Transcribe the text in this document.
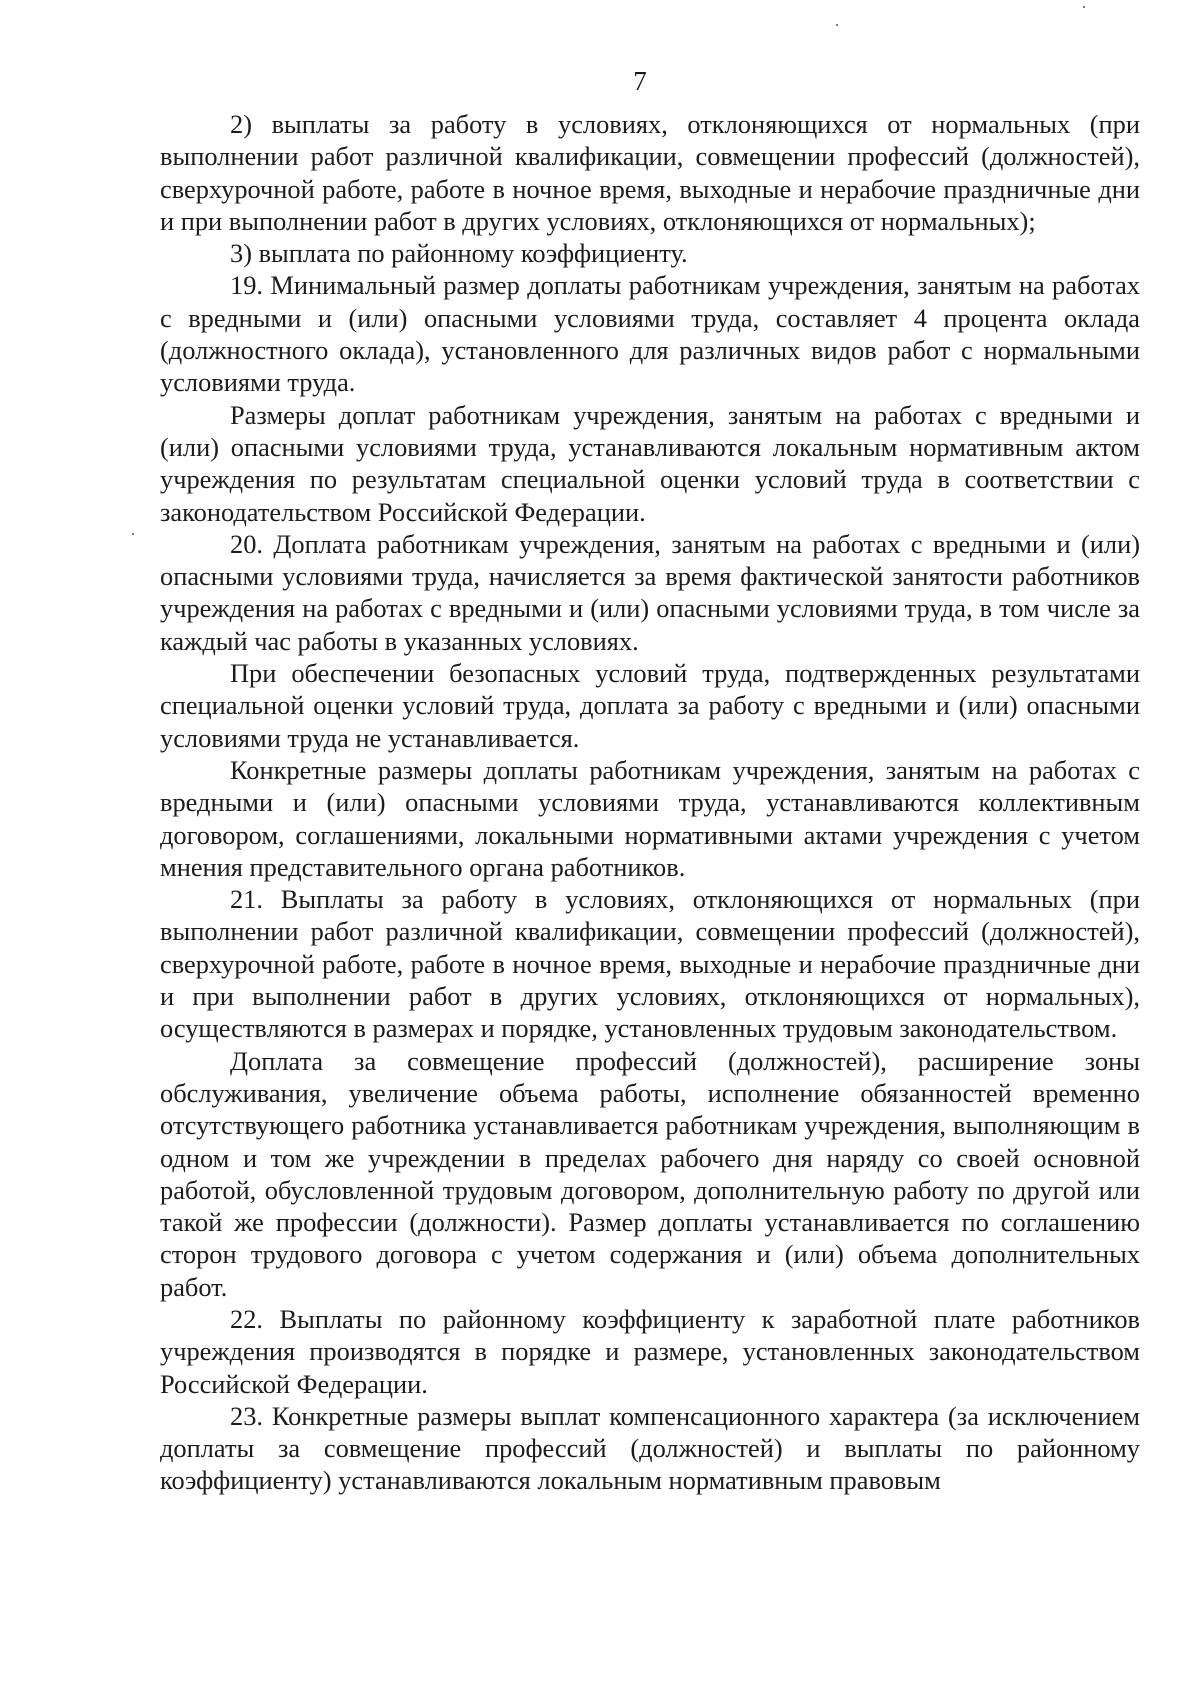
7

2) выплаты за работу в условиях, отклоняющихся от нормальных (при выполнении работ различной квалификации, совмещении профессий (должностей), сверхурочной работе, работе в ночное время, выходные и нерабочие праздничные дни и при выполнении работ в других условиях, отклоняющихся от нормальных);

3) выплата по районному коэффициенту.

19. Минимальный размер доплаты работникам учреждения, занятым на работах с вредными и (или) опасными условиями труда, составляет 4 процента оклада (должностного оклада), установленного для различных видов работ с нормальными условиями труда.

Размеры доплат работникам учреждения, занятым на работах с вредными и (или) опасными условиями труда, устанавливаются локальным нормативным актом учреждения по результатам специальной оценки условий труда в соответствии с законодательством Российской Федерации.

20. Доплата работникам учреждения, занятым на работах с вредными и (или) опасными условиями труда, начисляется за время фактической занятости работников учреждения на работах с вредными и (или) опасными условиями труда, в том числе за каждый час работы в указанных условиях.

При обеспечении безопасных условий труда, подтвержденных результатами специальной оценки условий труда, доплата за работу с вредными и (или) опасными условиями труда не устанавливается.

Конкретные размеры доплаты работникам учреждения, занятым на работах с вредными и (или) опасными условиями труда, устанавливаются коллективным договором, соглашениями, локальными нормативными актами учреждения с учетом мнения представительного органа работников.

21. Выплаты за работу в условиях, отклоняющихся от нормальных (при выполнении работ различной квалификации, совмещении профессий (должностей), сверхурочной работе, работе в ночное время, выходные и нерабочие праздничные дни и при выполнении работ в других условиях, отклоняющихся от нормальных), осуществляются в размерах и порядке, установленных трудовым законодательством.

Доплата за совмещение профессий (должностей), расширение зоны обслуживания, увеличение объема работы, исполнение обязанностей временно отсутствующего работника устанавливается работникам учреждения, выполняющим в одном и том же учреждении в пределах рабочего дня наряду со своей основной работой, обусловленной трудовым договором, дополнительную работу по другой или такой же профессии (должности). Размер доплаты устанавливается по соглашению сторон трудового договора с учетом содержания и (или) объема дополнительных работ.

22. Выплаты по районному коэффициенту к заработной плате работников учреждения производятся в порядке и размере, установленных законодательством Российской Федерации.

23. Конкретные размеры выплат компенсационного характера (за исключением доплаты за совмещение профессий (должностей) и выплаты по районному коэффициенту) устанавливаются локальным нормативным правовым
